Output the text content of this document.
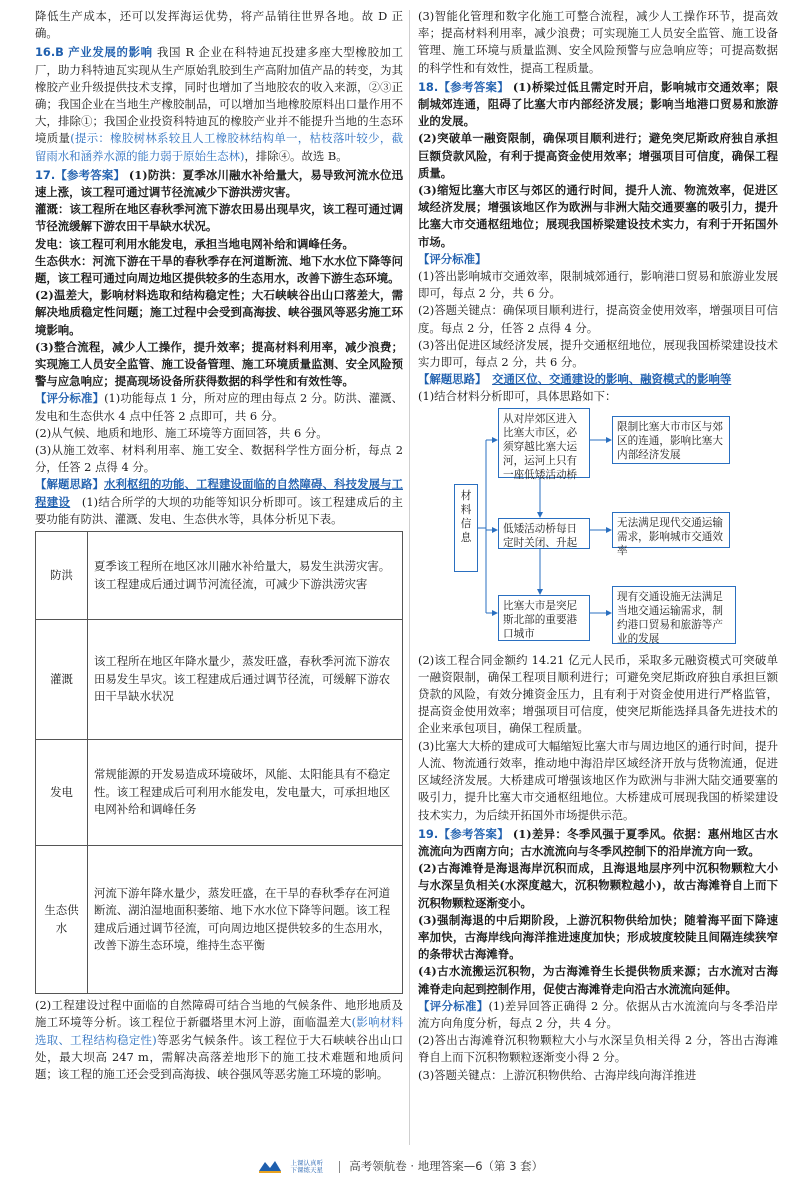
降低生产成本，还可以发挥海运优势，将产品销往世界各地。故 D 正确。

16.B 产业发展的影响 我国 R 企业在科特迪瓦投建多座大型橡胶加工厂，助力科特迪瓦实现从生产原始乳胶到生产高附加值产品的转变，为其橡胶产业升级提供技术支撑，同时也增加了当地胶农的收入来源，②③正确；我国企业在当地生产橡胶制品，可以增加当地橡胶原料出口量作用不大，排除①；我国企业投资科特迪瓦的橡胶产业并不能提升当地的生态环境质量(提示：橡胶树林系较且人工橡胶林结构单一，枯枝落叶较少，截留雨水和涵养水源的能力弱于原始生态林)，排除④。故选 B。

17.【参考答案】 (1)防洪：夏季冰川融水补给量大，易导致河流水位迅速上涨，该工程可通过调节径流减少下游洪涝灾害。

灌溉：该工程所在地区春秋季河流下游农田易出现旱灾，该工程可通过调节径流缓解下游农田干旱缺水状况。

发电：该工程可利用水能发电，承担当地电网补给和调峰任务。

生态供水：河流下游在干旱的春秋季存在河道断流、地下水水位下降等问题，该工程可通过向周边地区提供较多的生态用水，改善下游生态环境。

(2)温差大，影响材料选取和结构稳定性；大石峡峡谷出山口落差大，需解决地质稳定性问题；施工过程中会受到高海拔、峡谷强风等恶劣施工环境影响。

(3)整合流程，减少人工操作，提升效率；提高材料利用率，减少浪费；实现施工人员安全监管、施工设备管理、施工环境质量监测、安全风险预警与应急响应；提高现场设备所获得数据的科学性和有效性等。

【评分标准】(1)功能每点 1 分，所对应的理由每点 2 分。防洪、灌溉、发电和生态供水 4 点中任答 2 点即可，共 6 分。

(2)从气候、地质和地形、施工环境等方面回答，共 6 分。

(3)从施工效率、材料利用率、施工安全、数据科学性方面分析，每点 2 分，任答 2 点得 4 分。

【解题思路】水利枢纽的功能、工程建设面临的自然障碍、科技发展与工程建设　 (1)结合所学的大坝的功能等知识分析即可。该工程建成后的主要功能有防洪、灌溉、发电、生态供水等，具体分析见下表。

防洪	夏季该工程所在地区冰川融水补给量大，易发生洪涝灾害。该工程建成后通过调节河流径流，可减少下游洪涝灾害
灌溉	该工程所在地区年降水量少，蒸发旺盛，春秋季河流下游农田易发生旱灾。该工程建成后通过调节径流，可缓解下游农田干旱缺水状况
发电	常规能源的开发易造成环境破坏，风能、太阳能具有不稳定性。该工程建成后可利用水能发电，发电量大，可承担地区电网补给和调峰任务
生态供水	河流下游年降水量少，蒸发旺盛，在干旱的春秋季存在河道断流、湖泊湿地面积萎缩、地下水水位下降等问题。该工程建成后通过调节径流，可向周边地区提供较多的生态用水，改善下游生态环境，维持生态平衡

(2)工程建设过程中面临的自然障碍可结合当地的气候条件、地形地质及施工环境等分析。该工程位于新疆塔里木河上游，面临温差大(影响材料选取、工程结构稳定性)等恶劣气候条件。该工程位于大石峡峡谷出山口处，最大坝高 247 m，需解决高落差地形下的施工技术难题和地质问题；该工程的施工还会受到高海拔、峡谷强风等恶劣施工环境的影响。

(3)智能化管理和数字化施工可整合流程，减少人工操作环节，提高效率；提高材料利用率，减少浪费；可实现施工人员安全监管、施工设备管理、施工环境与质量监测、安全风险预警与应急响应等；可提高数据的科学性和有效性，提高工程质量。

18.【参考答案】 (1)桥梁过低且需定时开启，影响城市交通效率；限制城郊连通，阻碍了比塞大市内部经济发展；影响当地港口贸易和旅游业的发展。

(2)突破单一融资限制，确保项目顺利进行；避免突尼斯政府独自承担巨额贷款风险，有利于提高资金使用效率；增强项目可信度，确保工程质量。

(3)缩短比塞大市区与郊区的通行时间，提升人流、物流效率，促进区域经济发展；增强该地区作为欧洲与非洲大陆交通要塞的吸引力，提升比塞大市交通枢纽地位；展现我国桥梁建设技术实力，有利于开拓国外市场。

【评分标准】

(1)答出影响城市交通效率，限制城郊通行，影响港口贸易和旅游业发展即可，每点 2 分，共 6 分。

(2)答题关键点：确保项目顺利进行，提高资金使用效率，增强项目可信度。每点 2 分，任答 2 点得 4 分。

(3)答出促进区域经济发展，提升交通枢纽地位，展现我国桥梁建设技术实力即可，每点 2 分，共 6 分。

【解题思路】　 交通区位、交通建设的影响、融资模式的影响等

(1)结合材料分析即可，具体思路如下：

材料信息
从对岸郊区进入比塞大市区，必须穿越比塞大运河，运河上只有一座低矮活动桥
低矮活动桥每日定时关闭、升起
比塞大市是突尼斯北部的重要港口城市
限制比塞大市市区与郊区的连通，影响比塞大内部经济发展
无法满足现代交通运输需求，影响城市交通效率
现有交通设施无法满足当地交通运输需求，制约港口贸易和旅游等产业的发展

(2)该工程合同金额约 14.21 亿元人民币，采取多元融资模式可突破单一融资限制，确保工程项目顺利进行；可避免突尼斯政府独自承担巨额贷款的风险，有效分摊资金压力，且有利于对资金使用进行严格监管，提高资金使用效率；增强项目可信度，使突尼斯能选择具备先进技术的企业来承包项目，确保工程质量。

(3)比塞大大桥的建成可大幅缩短比塞大市与周边地区的通行时间，提升人流、物流通行效率，推动地中海沿岸区域经济开放与货物流通，促进区域经济发展。大桥建成可增强该地区作为欧洲与非洲大陆交通要塞的吸引力，提升比塞大市交通枢纽地位。大桥建成可展现我国的桥梁建设技术实力，为后续开拓国外市场提供示范。

19.【参考答案】 (1)差异：冬季风强于夏季风。依据：惠州地区古水流流向为西南方向；古水流流向与冬季风控制下的沿岸流方向一致。

(2)古海滩脊是海退海岸沉积而成，且海退地层序列中沉积物颗粒大小与水深呈负相关(水深度越大，沉积物颗粒越小)，故古海滩脊自上而下沉积物颗粒逐渐变小。

(3)强制海退的中后期阶段，上游沉积物供给加快；随着海平面下降速率加快，古海岸线向海洋推进速度加快；形成坡度较陡且间隔连续狭窄的条带状古海滩脊。

(4)古水流搬运沉积物，为古海滩脊生长提供物质来源；古水流对古海滩脊走向起到控制作用，促使古海滩脊走向沿古水流流向延伸。

【评分标准】(1)差异回答正确得 2 分。依据从古水流流向与冬季沿岸流方向角度分析，每点 2 分，共 4 分。

(2)答出古海滩脊沉积物颗粒大小与水深呈负相关得 2 分，答出古海滩脊自上而下沉积物颗粒逐渐变小得 2 分。

(3)答题关键点：上游沉积物供给、古海岸线向海洋推进

上课认真听
下课练天星 高考领航卷 · 地理答案—6（第 3 套）
